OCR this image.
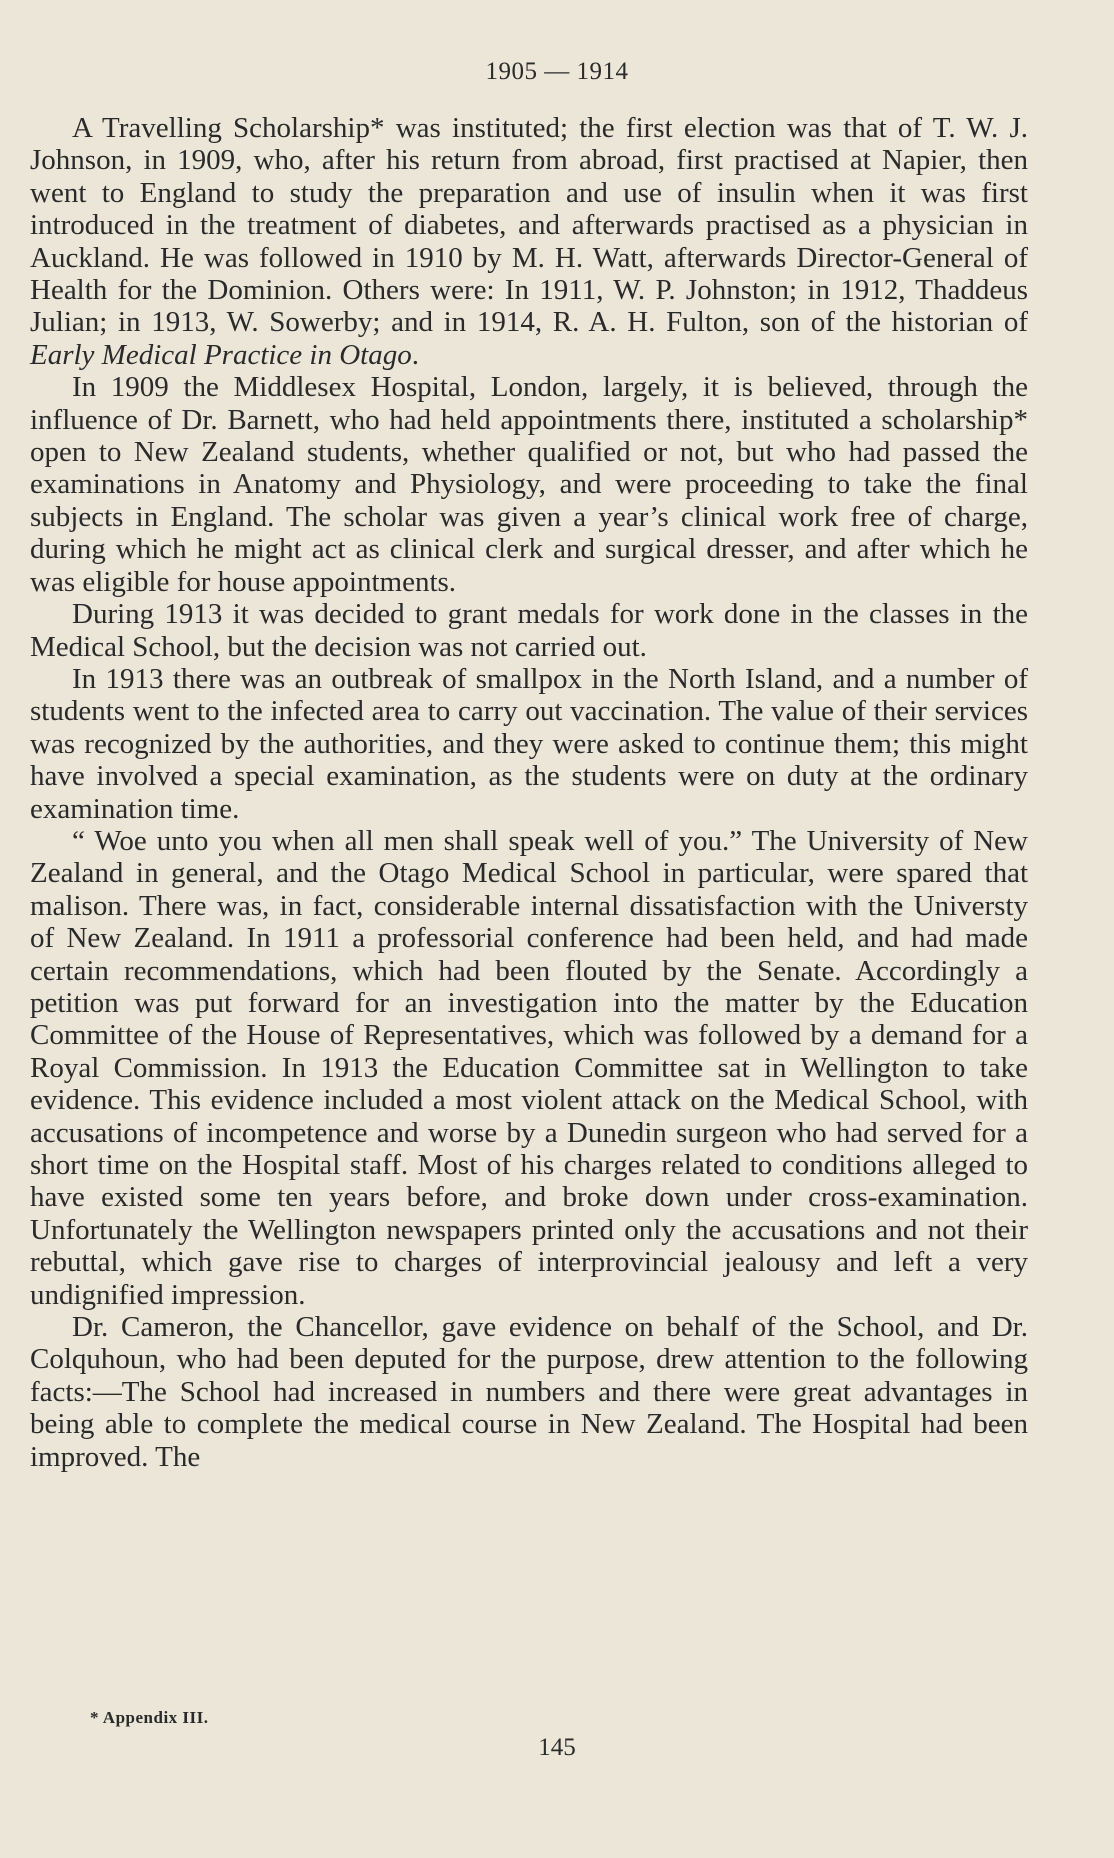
1905 — 1914

A Travelling Scholarship* was instituted; the first election was that of T. W. J. Johnson, in 1909, who, after his return from abroad, first practised at Napier, then went to England to study the preparation and use of insulin when it was first introduced in the treatment of diabetes, and afterwards practised as a physician in Auckland. He was followed in 1910 by M. H. Watt, afterwards Director-General of Health for the Dominion. Others were: In 1911, W. P. Johnston; in 1912, Thaddeus Julian; in 1913, W. Sowerby; and in 1914, R. A. H. Fulton, son of the historian of Early Medical Practice in Otago.

In 1909 the Middlesex Hospital, London, largely, it is believed, through the influence of Dr. Barnett, who had held appointments there, instituted a scholarship* open to New Zealand students, whether qualified or not, but who had passed the examinations in Anatomy and Physiology, and were proceeding to take the final subjects in England. The scholar was given a year’s clinical work free of charge, during which he might act as clinical clerk and surgical dresser, and after which he was eligible for house appointments.

During 1913 it was decided to grant medals for work done in the classes in the Medical School, but the decision was not carried out.

In 1913 there was an outbreak of smallpox in the North Island, and a number of students went to the infected area to carry out vaccination. The value of their services was recognized by the authorities, and they were asked to continue them; this might have involved a special examination, as the students were on duty at the ordinary examination time.

“ Woe unto you when all men shall speak well of you.” The University of New Zealand in general, and the Otago Medical School in particular, were spared that malison. There was, in fact, considerable internal dissatisfaction with the Universty of New Zealand. In 1911 a professorial conference had been held, and had made certain recommendations, which had been flouted by the Senate. Accordingly a petition was put forward for an investigation into the matter by the Education Committee of the House of Representatives, which was followed by a demand for a Royal Commission. In 1913 the Education Committee sat in Wellington to take evidence. This evidence included a most violent attack on the Medical School, with accusations of incompetence and worse by a Dunedin surgeon who had served for a short time on the Hospital staff. Most of his charges related to conditions alleged to have existed some ten years before, and broke down under cross-examination. Unfortunately the Wellington newspapers printed only the accusations and not their rebuttal, which gave rise to charges of interprovincial jealousy and left a very undignified impression.

Dr. Cameron, the Chancellor, gave evidence on behalf of the School, and Dr. Colquhoun, who had been deputed for the purpose, drew attention to the following facts:—The School had increased in numbers and there were great advantages in being able to complete the medical course in New Zealand. The Hospital had been improved. The

* Appendix III.
145
